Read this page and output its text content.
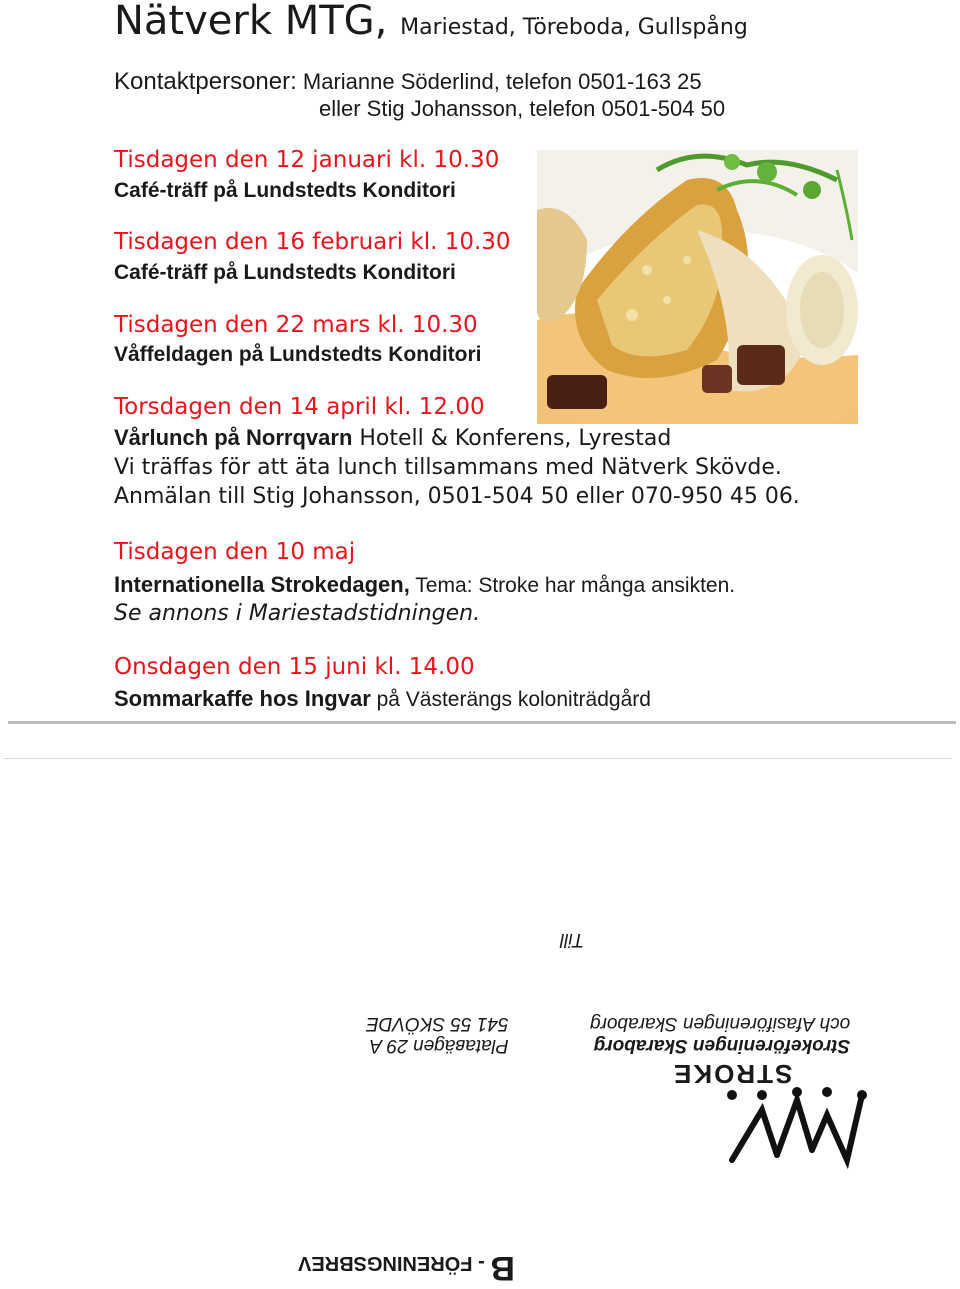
Nätverk MTG, Mariestad, Töreboda, Gullspång
Kontaktpersoner: Marianne Söderlind, telefon 0501-163 25
eller Stig Johansson, telefon 0501-504 50
Tisdagen den 12 januari kl. 10.30
Café-träff på Lundstedts Konditori
Tisdagen den 16 februari kl. 10.30
Café-träff på Lundstedts Konditori
Tisdagen den 22 mars kl. 10.30
Våffeldagen på Lundstedts Konditori
Torsdagen den 14 april kl. 12.00
Vårlunch på Norrqvarn Hotell & Konferens, Lyrestad
Vi träffas för att äta lunch tillsammans med Nätverk Skövde.
Anmälan till Stig Johansson, 0501-504 50 eller 070-950 45 06.
Tisdagen den 10 maj
Internationella Strokedagen, Tema: Stroke har många ansikten.
Se annons i Mariestadstidningen.
Onsdagen den 15 juni kl. 14.00
Sommarkaffe hos Ingvar på Västerängs koloniträdgård
Till
Plataвägen 29 A
541 55 SKÖVDE
Strokeföreningen Skaraborg
och Afasiföreningen Skaraborg
STROKE
B - FÖRENINGSBREV
